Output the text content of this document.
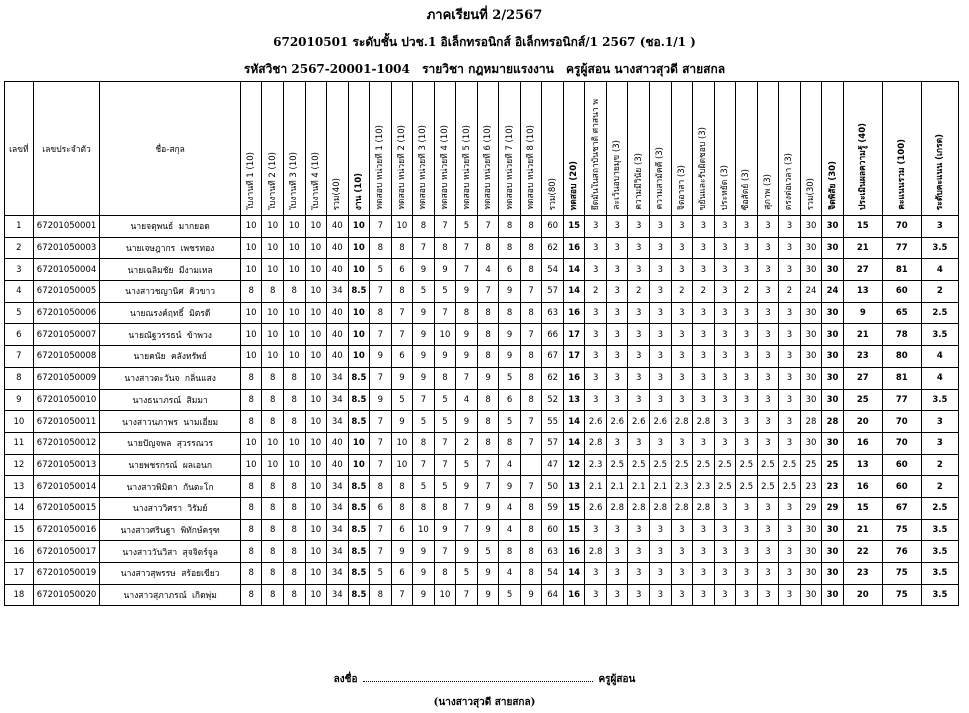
ภาคเรียนที่ 2/2567
672010501 ระดับชั้น ปวช.1 อิเล็กทรอนิกส์ อิเล็กทรอนิกส์/1 2567 (ชอ.1/1 )
รหัสวิชา 2567-20001-1004 รายวิชา กฎหมายแรงงาน ครูผู้สอน นางสาวสุวดี สายสกล
เลขที่	เลขประจำตัว	ชื่อ-สกุล	ใบงานที่ 1 (10)	ใบงานที่ 2 (10)	ใบงานที่ 3 (10)	ใบงานที่ 4 (10)	รวม(40)	งาน (10)	ทดสอบ หน่วยที่ 1 (10)	ทดสอบ หน่วยที่ 2 (10)	ทดสอบ หน่วยที่ 3 (10)	ทดสอบ หน่วยที่ 4 (10)	ทดสอบ หน่วยที่ 5 (10)	ทดสอบ หน่วยที่ 6 (10)	ทดสอบ หน่วยที่ 7 (10)	ทดสอบ หน่วยที่ 8 (10)	รวม(80)	ทดสอบ (20)	ยึดมั่นในสถาบันชาติ ศาสนา พ	ละเว้นอบายมุข (3)	ความมีวินัย (3)	ความสามัคคี (3)	จิตอาสา (3)	ขยันและรับผิดชอบ (3)	ประหยัด (3)	ซื่อสัตย์ (3)	สุภาพ (3)	ตรงต่อเวลา (3)	รวม(30)	จิตพิสัย (30)	ประเมินผลความรู้ (40)	คะแนนรวม (100)	ระดับคะแนน (เกรด)
1	67201050001	นายจตุพนธ์ มากยอด	10	10	10	10	40	10	7	10	8	7	5	7	8	8	60	15	3	3	3	3	3	3	3	3	3	3	30	30	15	70	3
2	67201050003	นายเจษฎากร เพชรทอง	10	10	10	10	40	10	8	8	7	8	7	8	8	8	62	16	3	3	3	3	3	3	3	3	3	3	30	30	21	77	3.5
3	67201050004	นายเฉลิมชัย มีงามเหล	10	10	10	10	40	10	5	6	9	9	7	4	6	8	54	14	3	3	3	3	3	3	3	3	3	3	30	30	27	81	4
4	67201050005	นางสาวชญานิศ คิวขาว	8	8	8	10	34	8.5	7	8	5	5	9	7	9	7	57	14	2	3	2	3	2	2	3	2	3	2	24	24	13	60	2
5	67201050006	นายณรงค์ฤทธิ์ มิตรดี	10	10	10	10	40	10	8	7	9	7	8	8	8	8	63	16	3	3	3	3	3	3	3	3	3	3	30	30	9	65	2.5
6	67201050007	นายณัฐวรรธน์ ข้าพวง	10	10	10	10	40	10	7	7	9	10	9	8	9	7	66	17	3	3	3	3	3	3	3	3	3	3	30	30	21	78	3.5
7	67201050008	นายคนัย คลังทรัพย์	10	10	10	10	40	10	9	6	9	9	9	8	9	8	67	17	3	3	3	3	3	3	3	3	3	3	30	30	23	80	4
8	67201050009	นางสาวตะวันจ กลิ่นแสง	8	8	8	10	34	8.5	7	9	9	8	7	9	5	8	62	16	3	3	3	3	3	3	3	3	3	3	30	30	27	81	4
9	67201050010	นางธนาภรณ์ สิมมา	8	8	8	10	34	8.5	9	5	7	5	4	8	6	8	52	13	3	3	3	3	3	3	3	3	3	3	30	30	25	77	3.5
10	67201050011	นางสาวนภาพร นามเอี่ยม	8	8	8	10	34	8.5	7	9	5	5	9	8	5	7	55	14	2.6	2.6	2.6	2.6	2.8	2.8	3	3	3	3	28	28	20	70	3
11	67201050012	นายปัญจพล สุวรรณวร	10	10	10	10	40	10	7	10	8	7	2	8	8	7	57	14	2.8	3	3	3	3	3	3	3	3	3	30	30	16	70	3
12	67201050013	นายพชรกรณ์ ผลเอนก	10	10	10	10	40	10	7	10	7	7	5	7	4		47	12	2.3	2.5	2.5	2.5	2.5	2.5	2.5	2.5	2.5	2.5	25	25	13	60	2
13	67201050014	นางสาวพิมิดา กันตะโก	8	8	8	10	34	8.5	8	8	5	5	9	7	9	7	50	13	2.1	2.1	2.1	2.1	2.3	2.3	2.5	2.5	2.5	2.5	23	23	16	60	2
14	67201050015	นางสาววิศรา วิรัมย์	8	8	8	10	34	8.5	6	8	8	8	7	9	4	8	59	15	2.6	2.8	2.8	2.8	2.8	2.8	3	3	3	3	29	29	15	67	2.5
15	67201050016	นางสาวศรินฐา พิทักษ์ครุฑ	8	8	8	10	34	8.5	7	6	10	9	7	9	4	8	60	15	3	3	3	3	3	3	3	3	3	3	30	30	21	75	3.5
16	67201050017	นางสาววันวิสา สุจจิตร์จูล	8	8	8	10	34	8.5	7	9	9	7	9	5	8	8	63	16	2.8	3	3	3	3	3	3	3	3	3	30	30	22	76	3.5
17	67201050019	นางสาวสุพรรษ สร้อยเขียว	8	8	8	10	34	8.5	5	6	9	8	5	9	4	8	54	14	3	3	3	3	3	3	3	3	3	3	30	30	23	75	3.5
18	67201050020	นางสาวสุภาภรณ์ เกิดพุ่ม	8	8	8	10	34	8.5	8	7	9	10	7	9	5	9	64	16	3	3	3	3	3	3	3	3	3	3	30	30	20	75	3.5
ลงชื่อ	ครูผู้สอน
(นางสาวสุวดี สายสกล)
